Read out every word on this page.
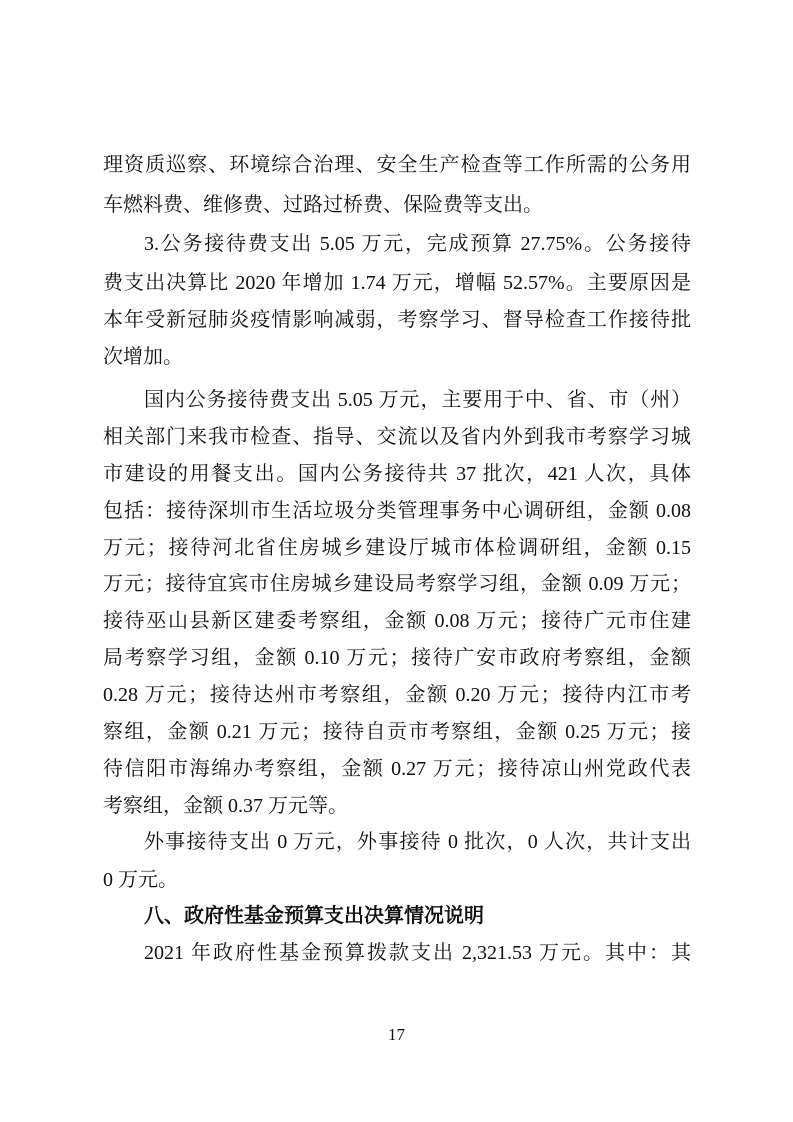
理资质巡察、环境综合治理、安全生产检查等工作所需的公务用
车燃料费、维修费、过路过桥费、保险费等支出。
3.公务接待费支出 5.05 万元，完成预算 27.75%。公务接待
费支出决算比 2020 年增加 1.74 万元，增幅 52.57%。主要原因是
本年受新冠肺炎疫情影响减弱，考察学习、督导检查工作接待批
次增加。
国内公务接待费支出 5.05 万元，主要用于中、省、市（州）
相关部门来我市检查、指导、交流以及省内外到我市考察学习城
市建设的用餐支出。国内公务接待共 37 批次，421 人次，具体
包括：接待深圳市生活垃圾分类管理事务中心调研组，金额 0.08
万元；接待河北省住房城乡建设厅城市体检调研组，金额 0.15
万元；接待宜宾市住房城乡建设局考察学习组，金额 0.09 万元；
接待巫山县新区建委考察组，金额 0.08 万元；接待广元市住建
局考察学习组，金额 0.10 万元；接待广安市政府考察组，金额
0.28 万元；接待达州市考察组，金额 0.20 万元；接待内江市考
察组，金额 0.21 万元；接待自贡市考察组，金额 0.25 万元；接
待信阳市海绵办考察组，金额 0.27 万元；接待凉山州党政代表
考察组，金额 0.37 万元等。
外事接待支出 0 万元，外事接待 0 批次，0 人次，共计支出
0 万元。
八、政府性基金预算支出决算情况说明
2021 年政府性基金预算拨款支出 2,321.53 万元。其中：其
17
